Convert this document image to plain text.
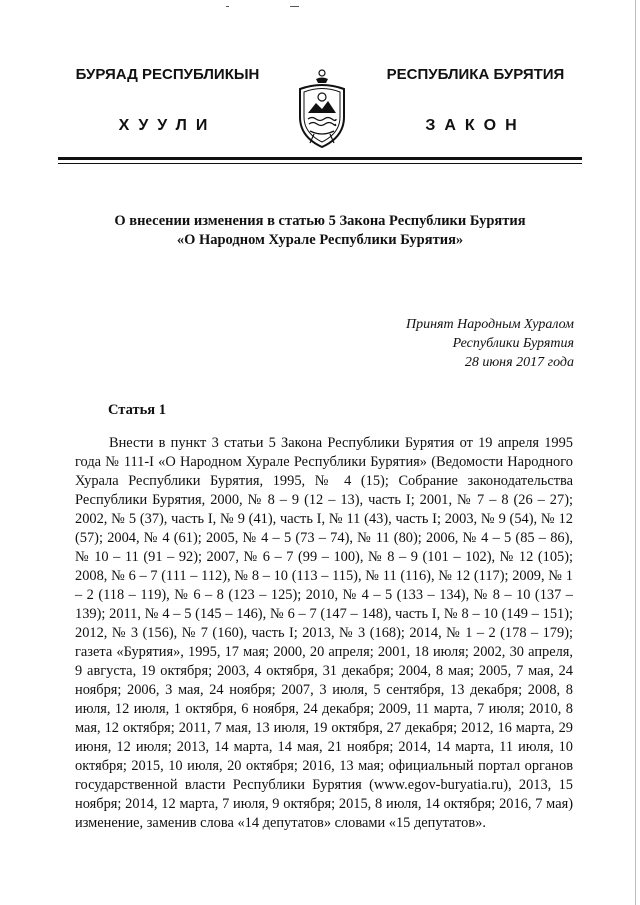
БУРЯАД РЕСПУБЛИКЫН	РЕСПУБЛИКА БУРЯТИЯ
ХУУЛИ	ЗАКОН
О внесении изменения в статью 5 Закона Республики Бурятия
«О Народном Хурале Республики Бурятия»
Принят Народным Хуралом
Республики Бурятия
28 июня 2017 года
Статья 1
Внести в пункт 3 статьи 5 Закона Республики Бурятия от 19 апреля 1995 года № 111-I «О Народном Хурале Республики Бурятия» (Ведомости Народного Хурала Республики Бурятия, 1995, № 4 (15); Собрание законодательства Республики Бурятия, 2000, № 8 – 9 (12 – 13), часть I; 2001, № 7 – 8 (26 – 27); 2002, № 5 (37), часть I, № 9 (41), часть I, № 11 (43), часть I; 2003, № 9 (54), № 12 (57); 2004, № 4 (61); 2005, № 4 – 5 (73 – 74), № 11 (80); 2006, № 4 – 5 (85 – 86), № 10 – 11 (91 – 92); 2007, № 6 – 7 (99 – 100), № 8 – 9 (101 – 102), № 12 (105); 2008, № 6 – 7 (111 – 112), № 8 – 10 (113 – 115), № 11 (116), № 12 (117); 2009, № 1 – 2 (118 – 119), № 6 – 8 (123 – 125); 2010, № 4 – 5 (133 – 134), № 8 – 10 (137 – 139); 2011, № 4 – 5 (145 – 146), № 6 – 7 (147 – 148), часть I, № 8 – 10 (149 – 151); 2012, № 3 (156), № 7 (160), часть I; 2013, № 3 (168); 2014, № 1 – 2 (178 – 179); газета «Бурятия», 1995, 17 мая; 2000, 20 апреля; 2001, 18 июля; 2002, 30 апреля, 9 августа, 19 октября; 2003, 4 октября, 31 декабря; 2004, 8 мая; 2005, 7 мая, 24 ноября; 2006, 3 мая, 24 ноября; 2007, 3 июля, 5 сентября, 13 декабря; 2008, 8 июля, 12 июля, 1 октября, 6 ноября, 24 декабря; 2009, 11 марта, 7 июля; 2010, 8 мая, 12 октября; 2011, 7 мая, 13 июля, 19 октября, 27 декабря; 2012, 16 марта, 29 июня, 12 июля; 2013, 14 марта, 14 мая, 21 ноября; 2014, 14 марта, 11 июля, 10 октября; 2015, 10 июля, 20 октября; 2016, 13 мая; официальный портал органов государственной власти Республики Бурятия (www.egov-buryatia.ru), 2013, 15 ноября; 2014, 12 марта, 7 июля, 9 октября; 2015, 8 июля, 14 октября; 2016, 7 мая) изменение, заменив слова «14 депутатов» словами «15 депутатов».
